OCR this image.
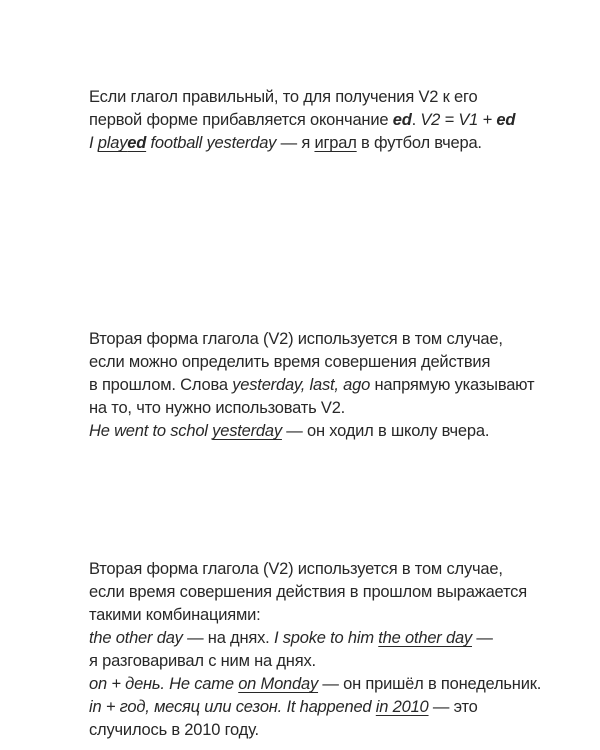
Если глагол правильный, то для получения V2 к его
первой форме прибавляется окончание ed. V2 = V1 + ed
I played football yesterday — я играл в футбол вчера.
Вторая форма глагола (V2) используется в том случае,
если можно определить время совершения действия
в прошлом. Слова yesterday, last, ago напрямую указывают
на то, что нужно использовать V2.
He went to schol yesterday — он ходил в школу вчера.
Вторая форма глагола (V2) используется в том случае,
если время совершения действия в прошлом выражается
такими комбинациями:
the other day — на днях. I spoke to him the other day —
я разговаривал с ним на днях.
on + день. He came on Monday — он пришёл в понедельник.
in + год, месяц или сезон. It happened in 2010 — это
случилось в 2010 году.
